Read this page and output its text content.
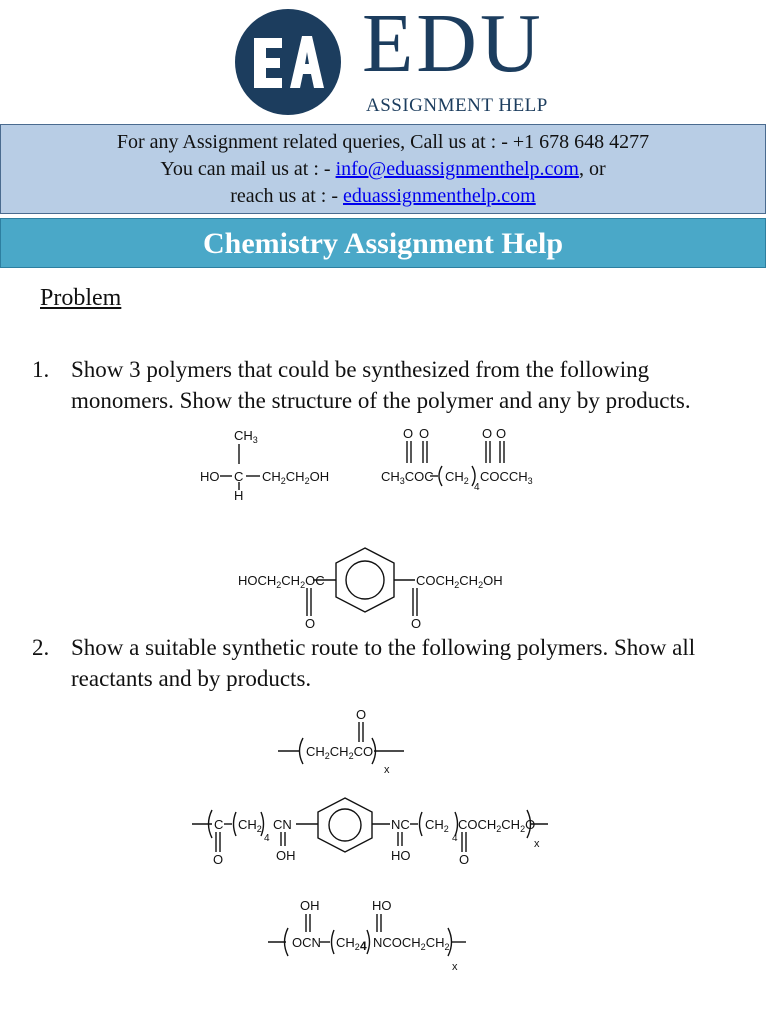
EDU
ASSIGNMENT HELP
For any Assignment related queries, Call us at : - +1 678 648 4277
You can mail us at : - info@eduassignmenthelp.com, or
reach us at : - eduassignmenthelp.com
Chemistry Assignment Help
Problem
1. Show 3 polymers that could be synthesized from the following monomers. Show the structure of the polymer and any by products.
2. Show a suitable synthetic route to the following polymers. Show all reactants and by products.
$CH_3$
HO C $CH_2CH_2OH$
H
O O	O O
$CH_3COC$ $CH_2$
4
$COCCH_3$
$HOCH_2CH_2OC$	$COCH_2CH_2OH$
O	O
O
$CH_2CH_2CO$
x
C $CH_2$
4
CN
O	OH
NC
HO
$CH_2$
4
$COCH_2CH_2O$
O
x
OH	HO
OCN $CH_2$ 4 $NCOCH_2CH_2$
x
